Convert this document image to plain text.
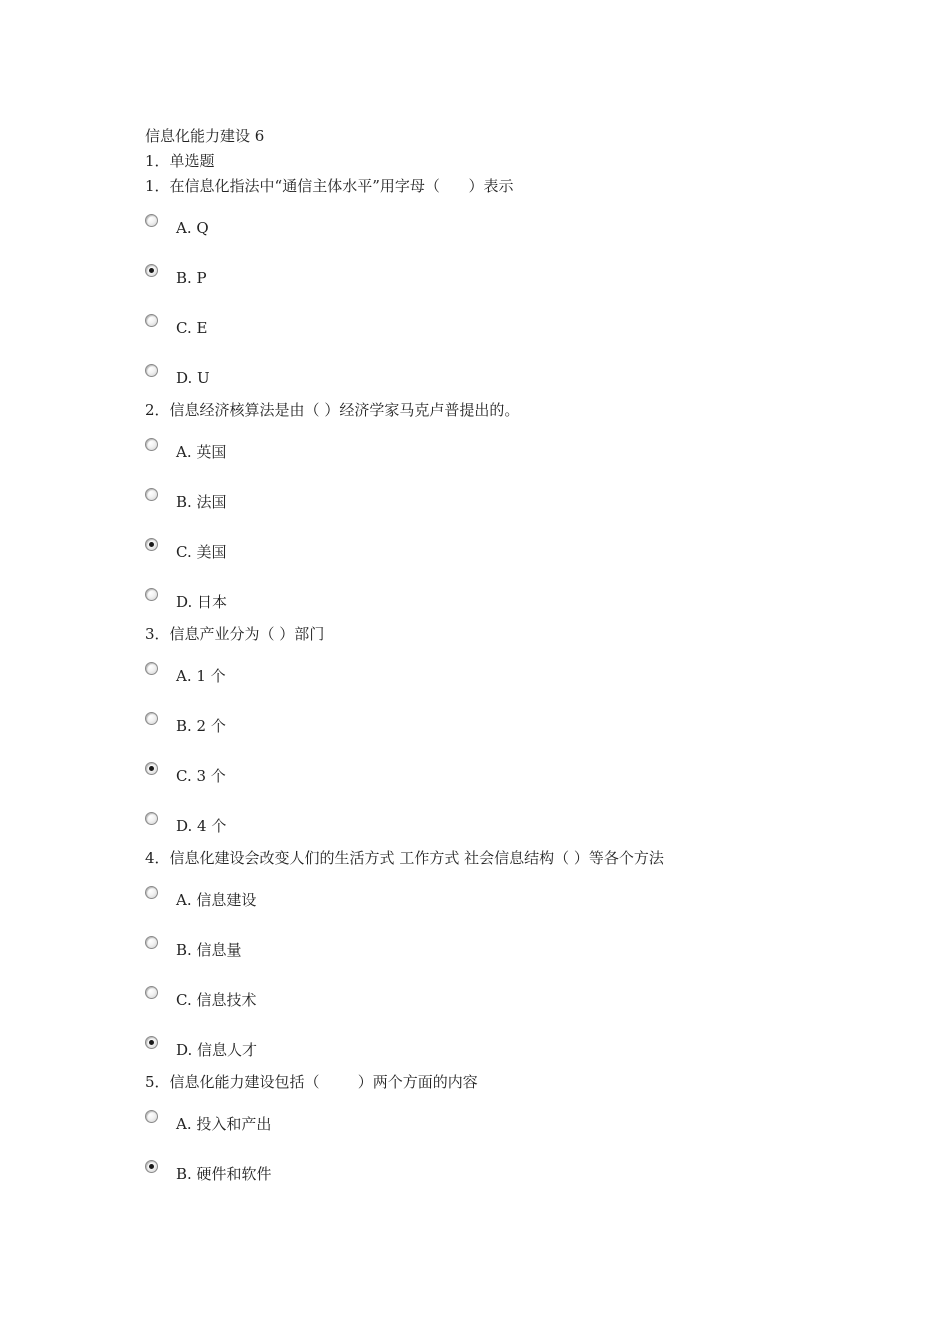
信息化能力建设 6
1．单选题
1．在信息化指法中“通信主体水平”用字母（      ）表示
A. Q
B. P
C. E
D. U
2．信息经济核算法是由（ ）经济学家马克卢普提出的。
A. 英国
B. 法国
C. 美国
D. 日本
3．信息产业分为（ ）部门
A. 1 个
B. 2 个
C. 3 个
D. 4 个
4．信息化建设会改变人们的生活方式 工作方式 社会信息结构（ ）等各个方法
A. 信息建设
B. 信息量
C. 信息技术
D. 信息人才
5．信息化能力建设包括（        ）两个方面的内容
A. 投入和产出
B. 硬件和软件
